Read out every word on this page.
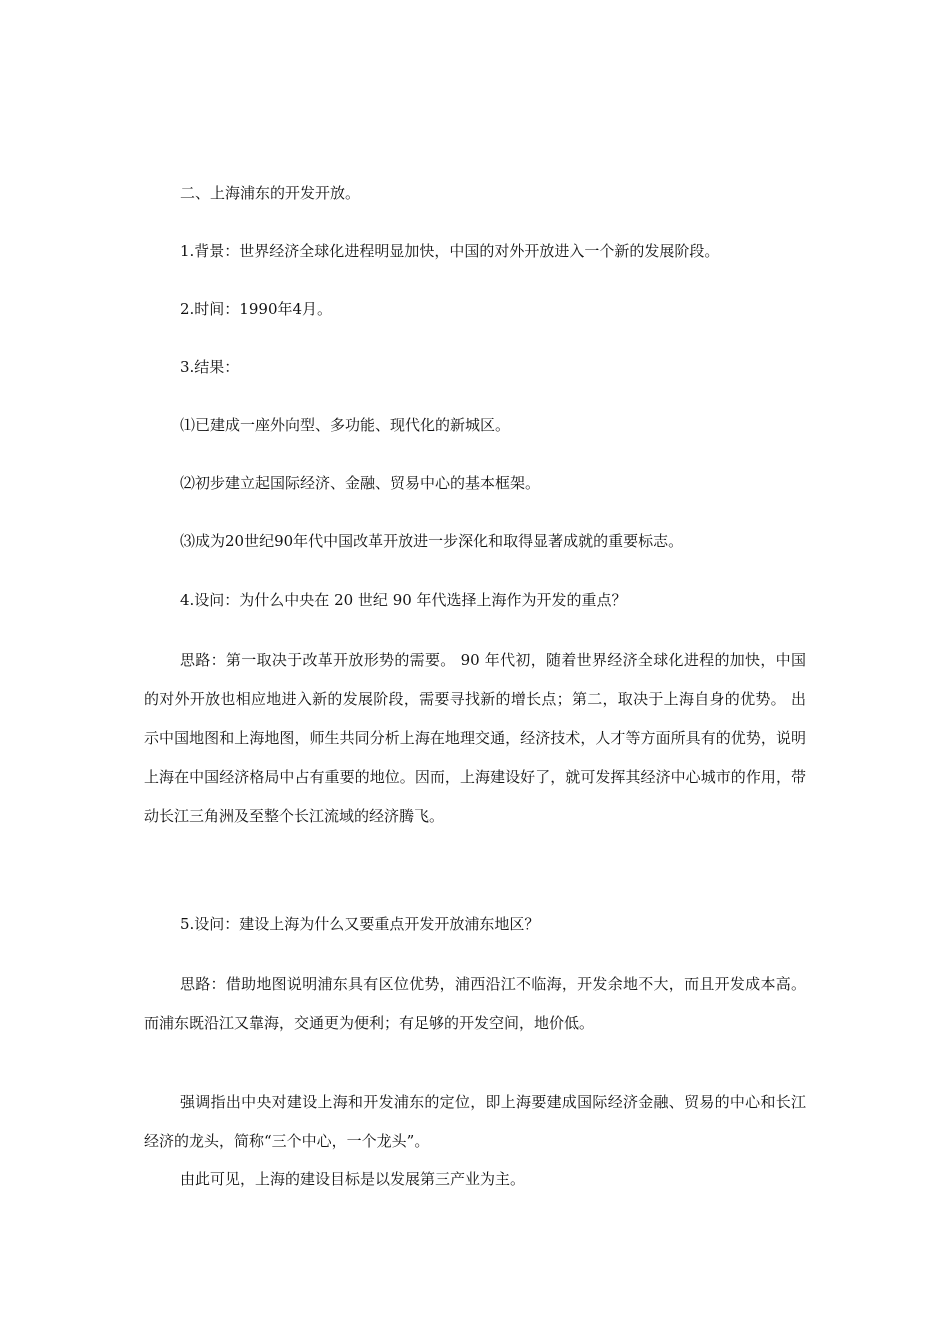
二、上海浦东的开发开放。
1.背景：世界经济全球化进程明显加快，中国的对外开放进入一个新的发展阶段。
2.时间：1990年4月。
3.结果：
⑴已建成一座外向型、多功能、现代化的新城区。
⑵初步建立起国际经济、金融、贸易中心的基本框架。
⑶成为20世纪90年代中国改革开放进一步深化和取得显著成就的重要标志。
4.设问：为什么中央在 20 世纪 90 年代选择上海作为开发的重点？
思路：第一取决于改革开放形势的需要。 90 年代初，随着世界经济全球化进程的加快，中国的对外开放也相应地进入新的发展阶段，需要寻找新的增长点；第二，取决于上海自身的优势。 出示中国地图和上海地图，师生共同分析上海在地理交通，经济技术，人才等方面所具有的优势，说明上海在中国经济格局中占有重要的地位。因而，上海建设好了，就可发挥其经济中心城市的作用，带动长江三角洲及至整个长江流域的经济腾飞。
5.设问：建设上海为什么又要重点开发开放浦东地区？
思路：借助地图说明浦东具有区位优势，浦西沿江不临海，开发余地不大，而且开发成本高。而浦东既沿江又靠海，交通更为便利；有足够的开发空间，地价低。
强调指出中央对建设上海和开发浦东的定位，即上海要建成国际经济金融、贸易的中心和长江经济的龙头，简称“三个中心，一个龙头”。
由此可见，上海的建设目标是以发展第三产业为主。
